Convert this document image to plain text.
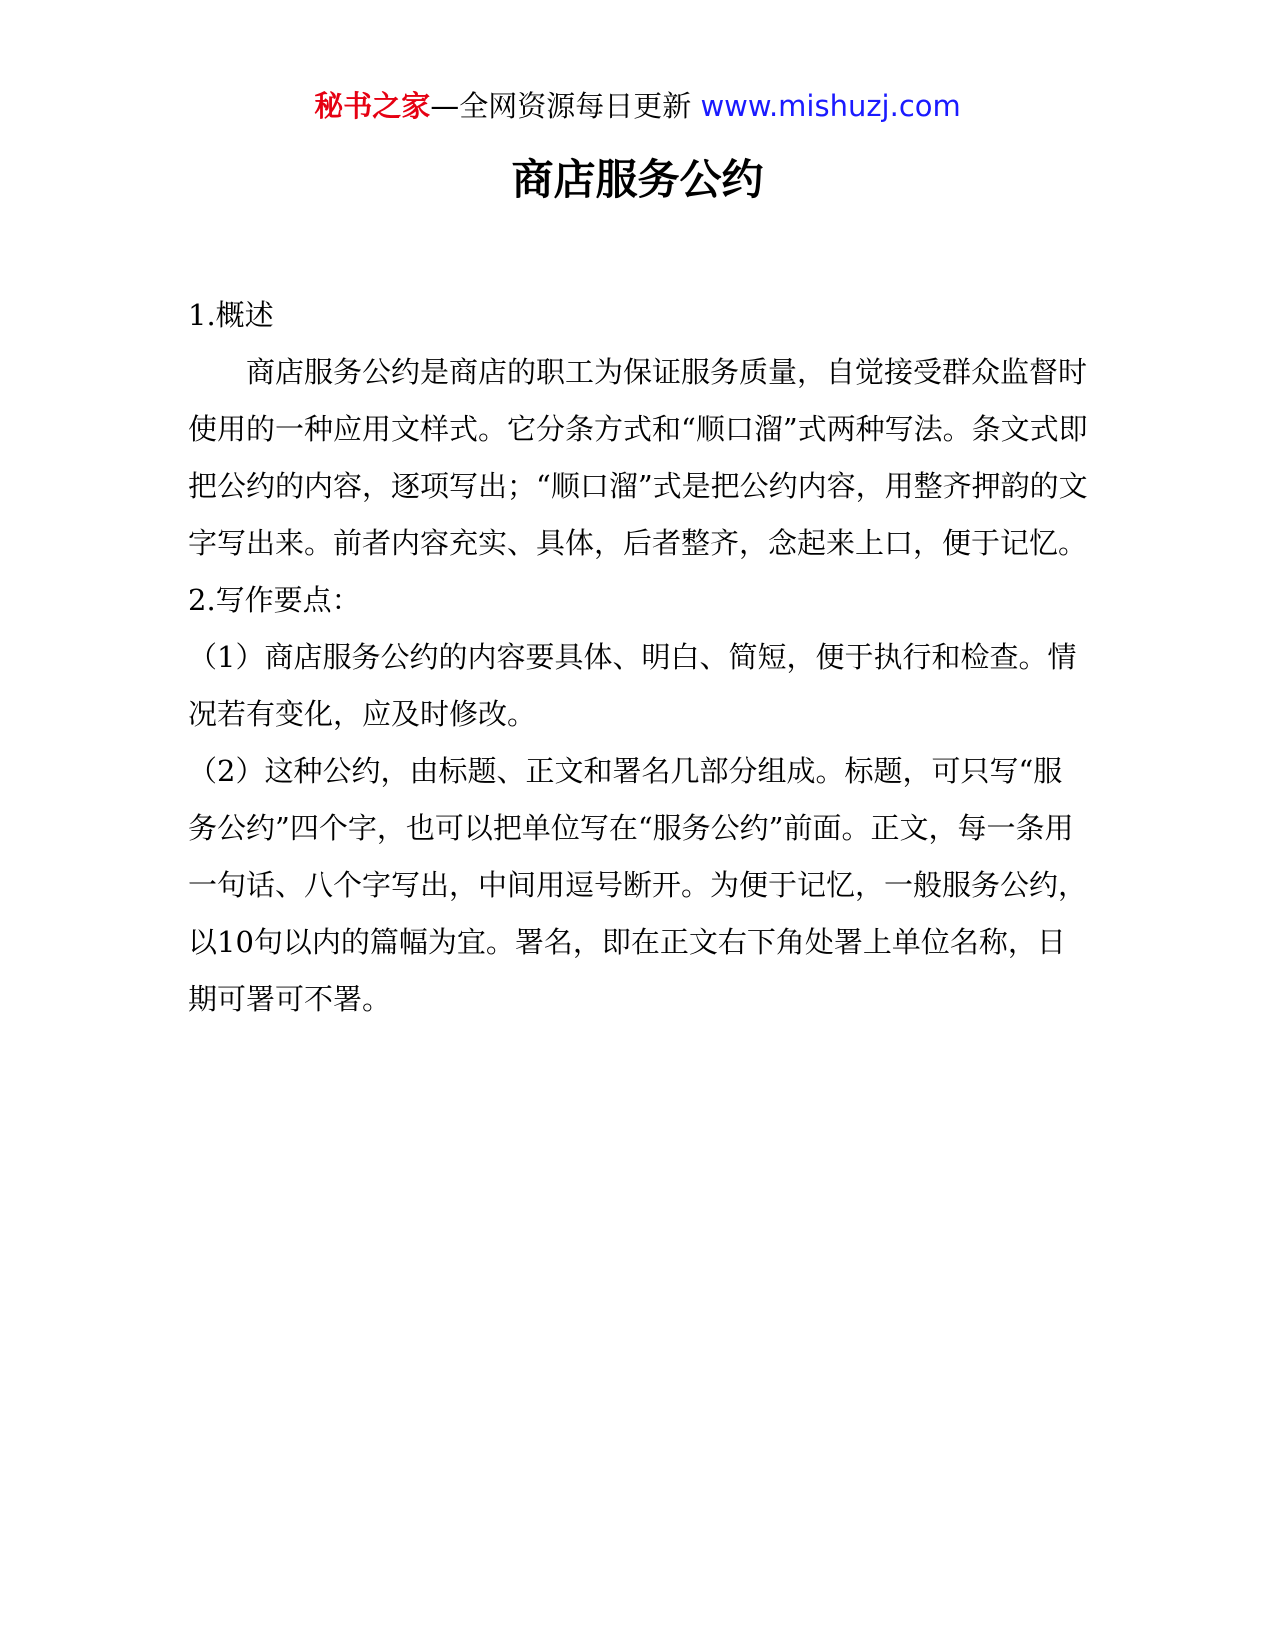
秘书之家—全网资源每日更新 www.mishuzj.com
商店服务公约

1.概述

商店服务公约是商店的职工为保证服务质量，自觉接受群众监督时使用的一种应用文样式。它分条方式和“顺口溜”式两种写法。条文式即把公约的内容，逐项写出；“顺口溜”式是把公约内容，用整齐押韵的文字写出来。前者内容充实、具体，后者整齐，念起来上口，便于记忆。

2.写作要点：

（1）商店服务公约的内容要具体、明白、简短，便于执行和检查。情况若有变化，应及时修改。

（2）这种公约，由标题、正文和署名几部分组成。标题，可只写“服务公约”四个字，也可以把单位写在“服务公约”前面。正文，每一条用一句话、八个字写出，中间用逗号断开。为便于记忆，一般服务公约，以10句以内的篇幅为宜。署名，即在正文右下角处署上单位名称，日期可署可不署。
